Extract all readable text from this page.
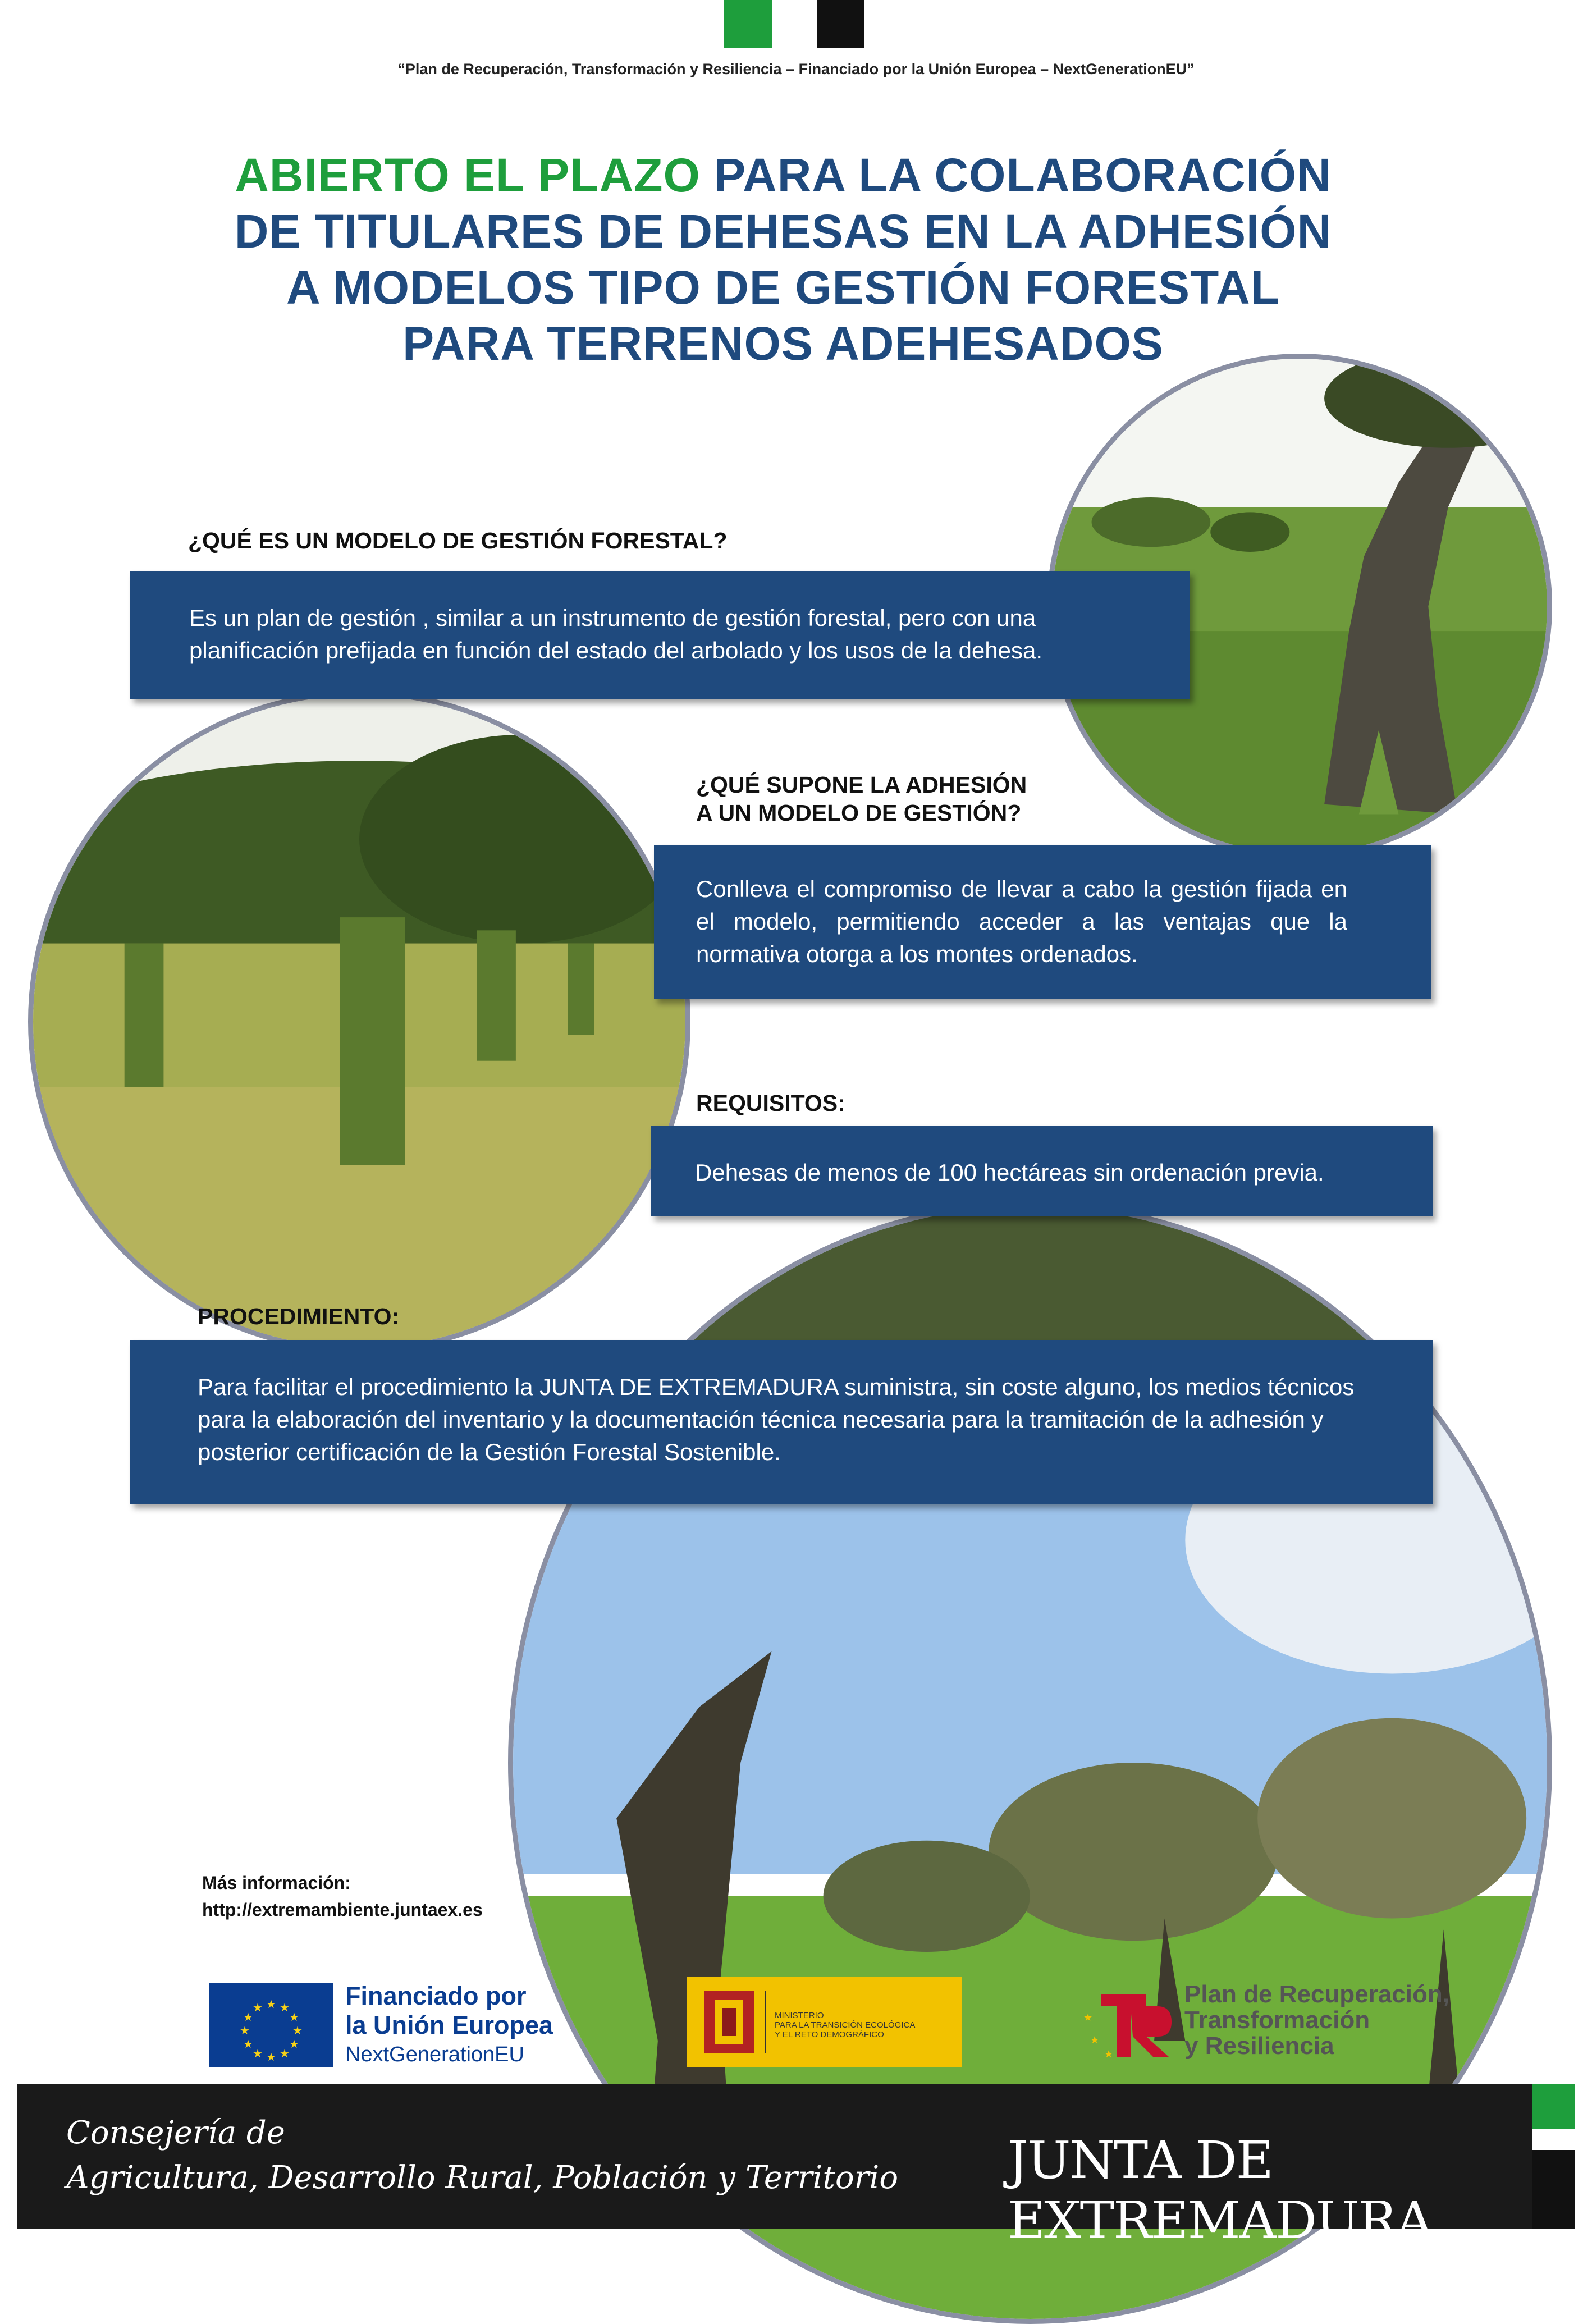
“Plan de Recuperación, Transformación y Resiliencia – Financiado por la Unión Europea – NextGenerationEU”
ABIERTO EL PLAZO PARA LA COLABORACIÓN
DE TITULARES DE DEHESAS EN LA ADHESIÓN
A MODELOS TIPO DE GESTIÓN FORESTAL
PARA TERRENOS ADEHESADOS
¿QUÉ ES UN MODELO DE GESTIÓN FORESTAL?
Es un plan de gestión , similar a un instrumento de gestión forestal, pero con una planificación prefijada en función del estado del arbolado y los usos de la dehesa.
¿QUÉ SUPONE LA ADHESIÓN
A UN MODELO DE GESTIÓN?
Conlleva el compromiso de llevar a cabo la gestión fijada en el modelo, permitiendo acceder a las ventajas que la normativa otorga a los montes ordenados.
REQUISITOS:
Dehesas de menos de 100 hectáreas sin ordenación previa.
PROCEDIMIENTO:
Para facilitar el procedimiento la JUNTA DE EXTREMADURA suministra, sin coste alguno, los medios técnicos para la elaboración del inventario y la documentación técnica necesaria para la tramitación de la adhesión y posterior certificación de la Gestión Forestal Sostenible.
Más información:
http://extremambiente.juntaex.es
★ ★
★
★
★
★
★
★
★
★
★
★	Financiado por
la Unión Europea
NextGenerationEU
MINISTERIO
PARA LA TRANSICIÓN ECOLÓGICA
Y EL RETO DEMOGRÁFICO
★
★
★
Plan de Recuperación,
Transformación
y Resiliencia
Consejería de
Agricultura, Desarrollo Rural, Población y Territorio JUNTA DE EXTREMADURA
